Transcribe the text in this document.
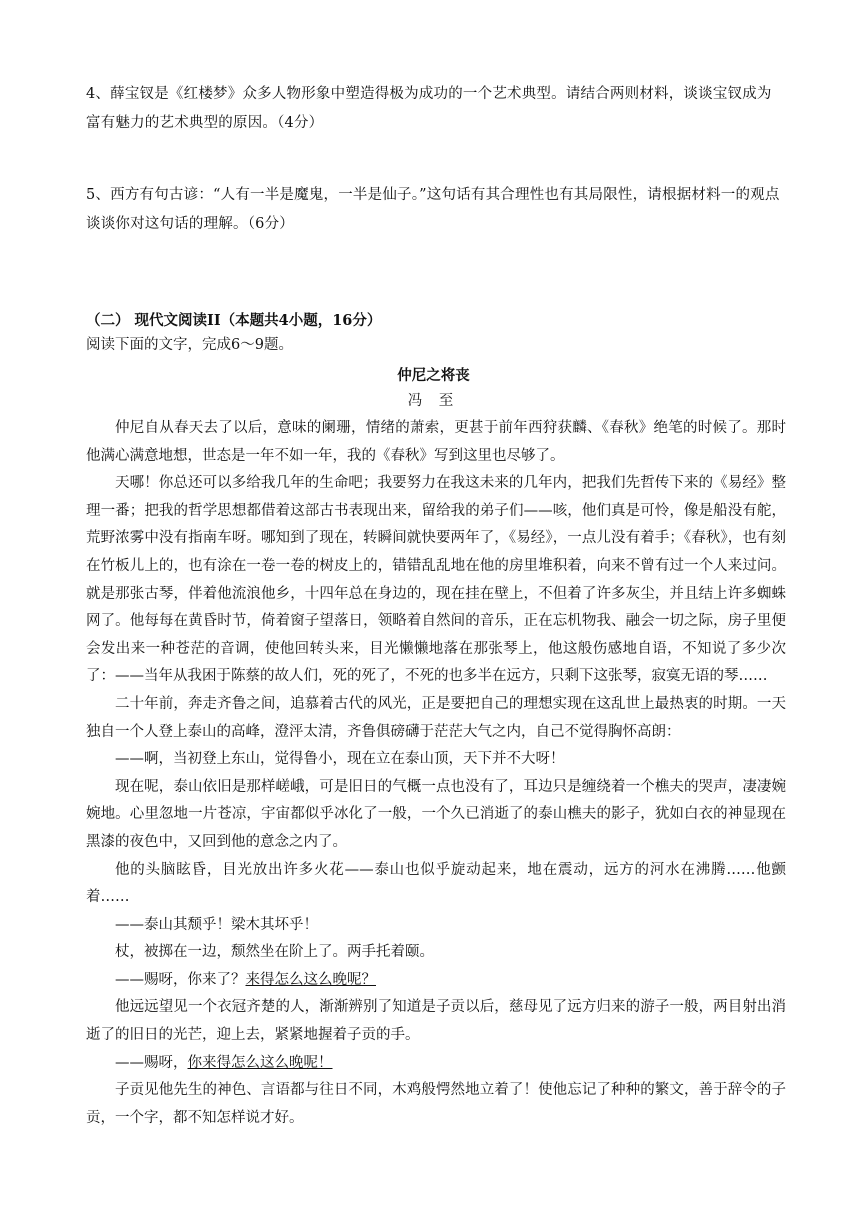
4、薛宝钗是《红楼梦》众多人物形象中塑造得极为成功的一个艺术典型。请结合两则材料，谈谈宝钗成为富有魅力的艺术典型的原因。（4分）

5、西方有句古谚：“人有一半是魔鬼，一半是仙子。”这句话有其合理性也有其局限性，请根据材料一的观点谈谈你对这句话的理解。（6分）

（二） 现代文阅读II（本题共4小题，16分）
阅读下面的文字，完成6～9题。
仲尼之将丧
冯 至

仲尼自从春天去了以后，意味的阑珊，情绪的萧索，更甚于前年西狩获麟、《春秋》绝笔的时候了。那时他满心满意地想，世态是一年不如一年，我的《春秋》写到这里也尽够了。

天哪！你总还可以多给我几年的生命吧；我要努力在我这未来的几年内，把我们先哲传下来的《易经》整理一番；把我的哲学思想都借着这部古书表现出来，留给我的弟子们——咳，他们真是可怜，像是船没有舵，荒野浓雾中没有指南车呀。哪知到了现在，转瞬间就快要两年了，《易经》，一点儿没有着手；《春秋》，也有刻在竹板儿上的，也有涂在一卷一卷的树皮上的，错错乱乱地在他的房里堆积着，向来不曾有过一个人来过问。就是那张古琴，伴着他流浪他乡，十四年总在身边的，现在挂在壁上，不但着了许多灰尘，并且结上许多蜘蛛网了。他每每在黄昏时节，倚着窗子望落日，领略着自然间的音乐，正在忘机物我、融会一切之际，房子里便会发出来一种苍茫的音调，使他回转头来，目光懒懒地落在那张琴上，他这般伤感地自语，不知说了多少次了：——当年从我困于陈蔡的故人们，死的死了，不死的也多半在远方，只剩下这张琴，寂寞无语的琴……

二十年前，奔走齐鲁之间，追慕着古代的风光，正是要把自己的理想实现在这乱世上最热衷的时期。一天独自一个人登上泰山的高峰，澄泙太清，齐鲁俱磅礴于茫茫大气之内，自己不觉得胸怀高朗：

——啊，当初登上东山，觉得鲁小，现在立在泰山顶，天下并不大呀！

现在呢，泰山依旧是那样嵯峨，可是旧日的气概一点也没有了，耳边只是缠绕着一个樵夫的哭声，凄凄婉婉地。心里忽地一片苍凉，宇宙都似乎冰化了一般，一个久已消逝了的泰山樵夫的影子，犹如白衣的神显现在黑漆的夜色中，又回到他的意念之内了。

他的头脑眩昏，目光放出许多火花——泰山也似乎旋动起来，地在震动，远方的河水在沸腾……他颤着……

——泰山其颓乎！梁木其坏乎！

杖，被掷在一边，颓然坐在阶上了。两手托着颐。

——赐呀，你来了？来得怎么这么晚呢？

他远远望见一个衣冠齐楚的人，渐渐辨别了知道是子贡以后，慈母见了远方归来的游子一般，两目射出消逝了的旧日的光芒，迎上去，紧紧地握着子贡的手。

——赐呀，你来得怎么这么晚呢！

子贡见他先生的神色、言语都与往日不同，木鸡般愕然地立着了！使他忘记了种种的繁文，善于辞令的子贡，一个字，都不知怎样说才好。
